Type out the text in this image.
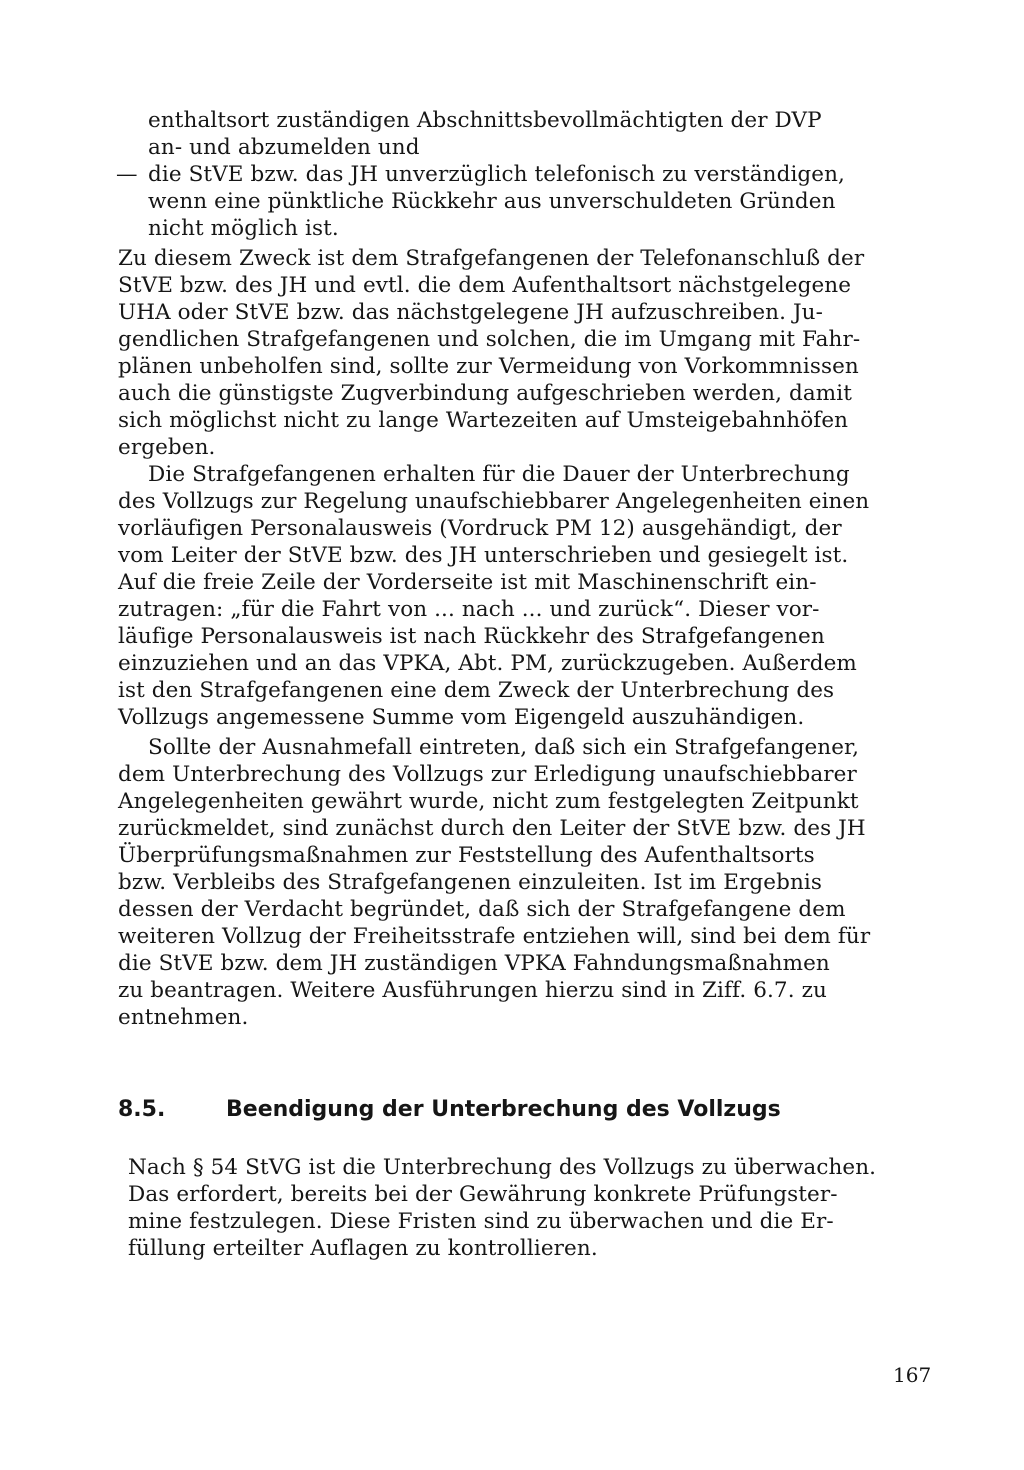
enthaltsort zuständigen Abschnittsbevollmächtigten der DVP
an- und abzumelden und
— die StVE bzw. das JH unverzüglich telefonisch zu verständigen,
wenn eine pünktliche Rückkehr aus unverschuldeten Gründen
nicht möglich ist.
Zu diesem Zweck ist dem Strafgefangenen der Telefonanschluß der
StVE bzw. des JH und evtl. die dem Aufenthaltsort nächstgelegene
UHA oder StVE bzw. das nächstgelegene JH aufzuschreiben. Ju-
gendlichen Strafgefangenen und solchen, die im Umgang mit Fahr-
plänen unbeholfen sind, sollte zur Vermeidung von Vorkommnissen
auch die günstigste Zugverbindung aufgeschrieben werden, damit
sich möglichst nicht zu lange Wartezeiten auf Umsteigebahnhöfen
ergeben.
Die Strafgefangenen erhalten für die Dauer der Unterbrechung
des Vollzugs zur Regelung unaufschiebbarer Angelegenheiten einen
vorläufigen Personalausweis (Vordruck PM 12) ausgehändigt, der
vom Leiter der StVE bzw. des JH unterschrieben und gesiegelt ist.
Auf die freie Zeile der Vorderseite ist mit Maschinenschrift ein-
zutragen: „für die Fahrt von ... nach ... und zurück“. Dieser vor-
läufige Personalausweis ist nach Rückkehr des Strafgefangenen
einzuziehen und an das VPKA, Abt. PM, zurückzugeben. Außerdem
ist den Strafgefangenen eine dem Zweck der Unterbrechung des
Vollzugs angemessene Summe vom Eigengeld auszuhändigen.
Sollte der Ausnahmefall eintreten, daß sich ein Strafgefangener,
dem Unterbrechung des Vollzugs zur Erledigung unaufschiebbarer
Angelegenheiten gewährt wurde, nicht zum festgelegten Zeitpunkt
zurückmeldet, sind zunächst durch den Leiter der StVE bzw. des JH
Überprüfungsmaßnahmen zur Feststellung des Aufenthaltsorts
bzw. Verbleibs des Strafgefangenen einzuleiten. Ist im Ergebnis
dessen der Verdacht begründet, daß sich der Strafgefangene dem
weiteren Vollzug der Freiheitsstrafe entziehen will, sind bei dem für
die StVE bzw. dem JH zuständigen VPKA Fahndungsmaßnahmen
zu beantragen. Weitere Ausführungen hierzu sind in Ziff. 6.7. zu
entnehmen.
8.5.	Beendigung der Unterbrechung des Vollzugs
Nach § 54 StVG ist die Unterbrechung des Vollzugs zu überwachen.
Das erfordert, bereits bei der Gewährung konkrete Prüfungster-
mine festzulegen. Diese Fristen sind zu überwachen und die Er-
füllung erteilter Auflagen zu kontrollieren.
167
